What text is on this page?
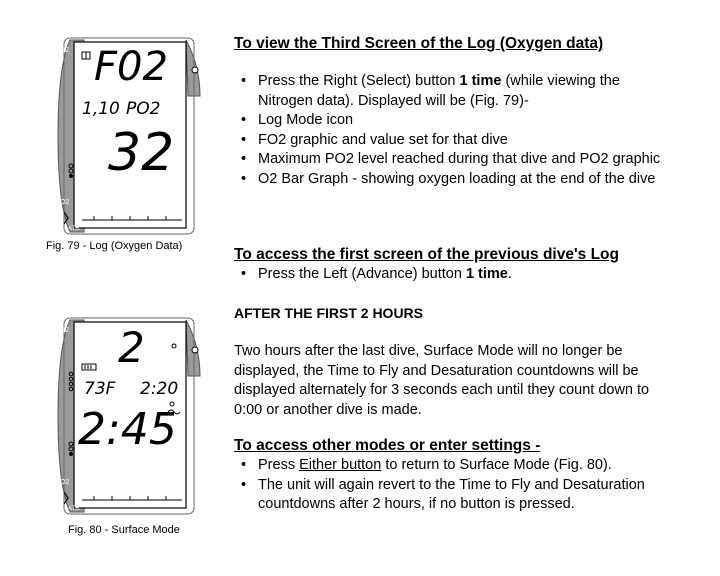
N2
O2
ATR
F02
1,10 PO2
32
Fig. 79 - Log (Oxygen Data)
N2
O2
ATR
2
73F 2:20
2:45
Fig. 80 - Surface Mode
To view the Third Screen of the Log (Oxygen data)
• Press the Right (Select) button 1 time (while viewing the Nitrogen data). Displayed will be (Fig. 79)-
• Log Mode icon
• FO2 graphic and value set for that dive
• Maximum PO2 level reached during that dive and PO2 graphic
• O2 Bar Graph - showing oxygen loading at the end of the dive
To access the first screen of the previous dive's Log
• Press the Left (Advance) button 1 time.
AFTER THE FIRST 2 HOURS

Two hours after the last dive, Surface Mode will no longer be displayed, the Time to Fly and Desaturation countdowns will be displayed alternately for 3 seconds each until they count down to 0:00 or another dive is made.

To access other modes or enter settings -
• Press Either button to return to Surface Mode (Fig. 80).
• The unit will again revert to the Time to Fly and Desaturation countdowns after 2 hours, if no button is pressed.
